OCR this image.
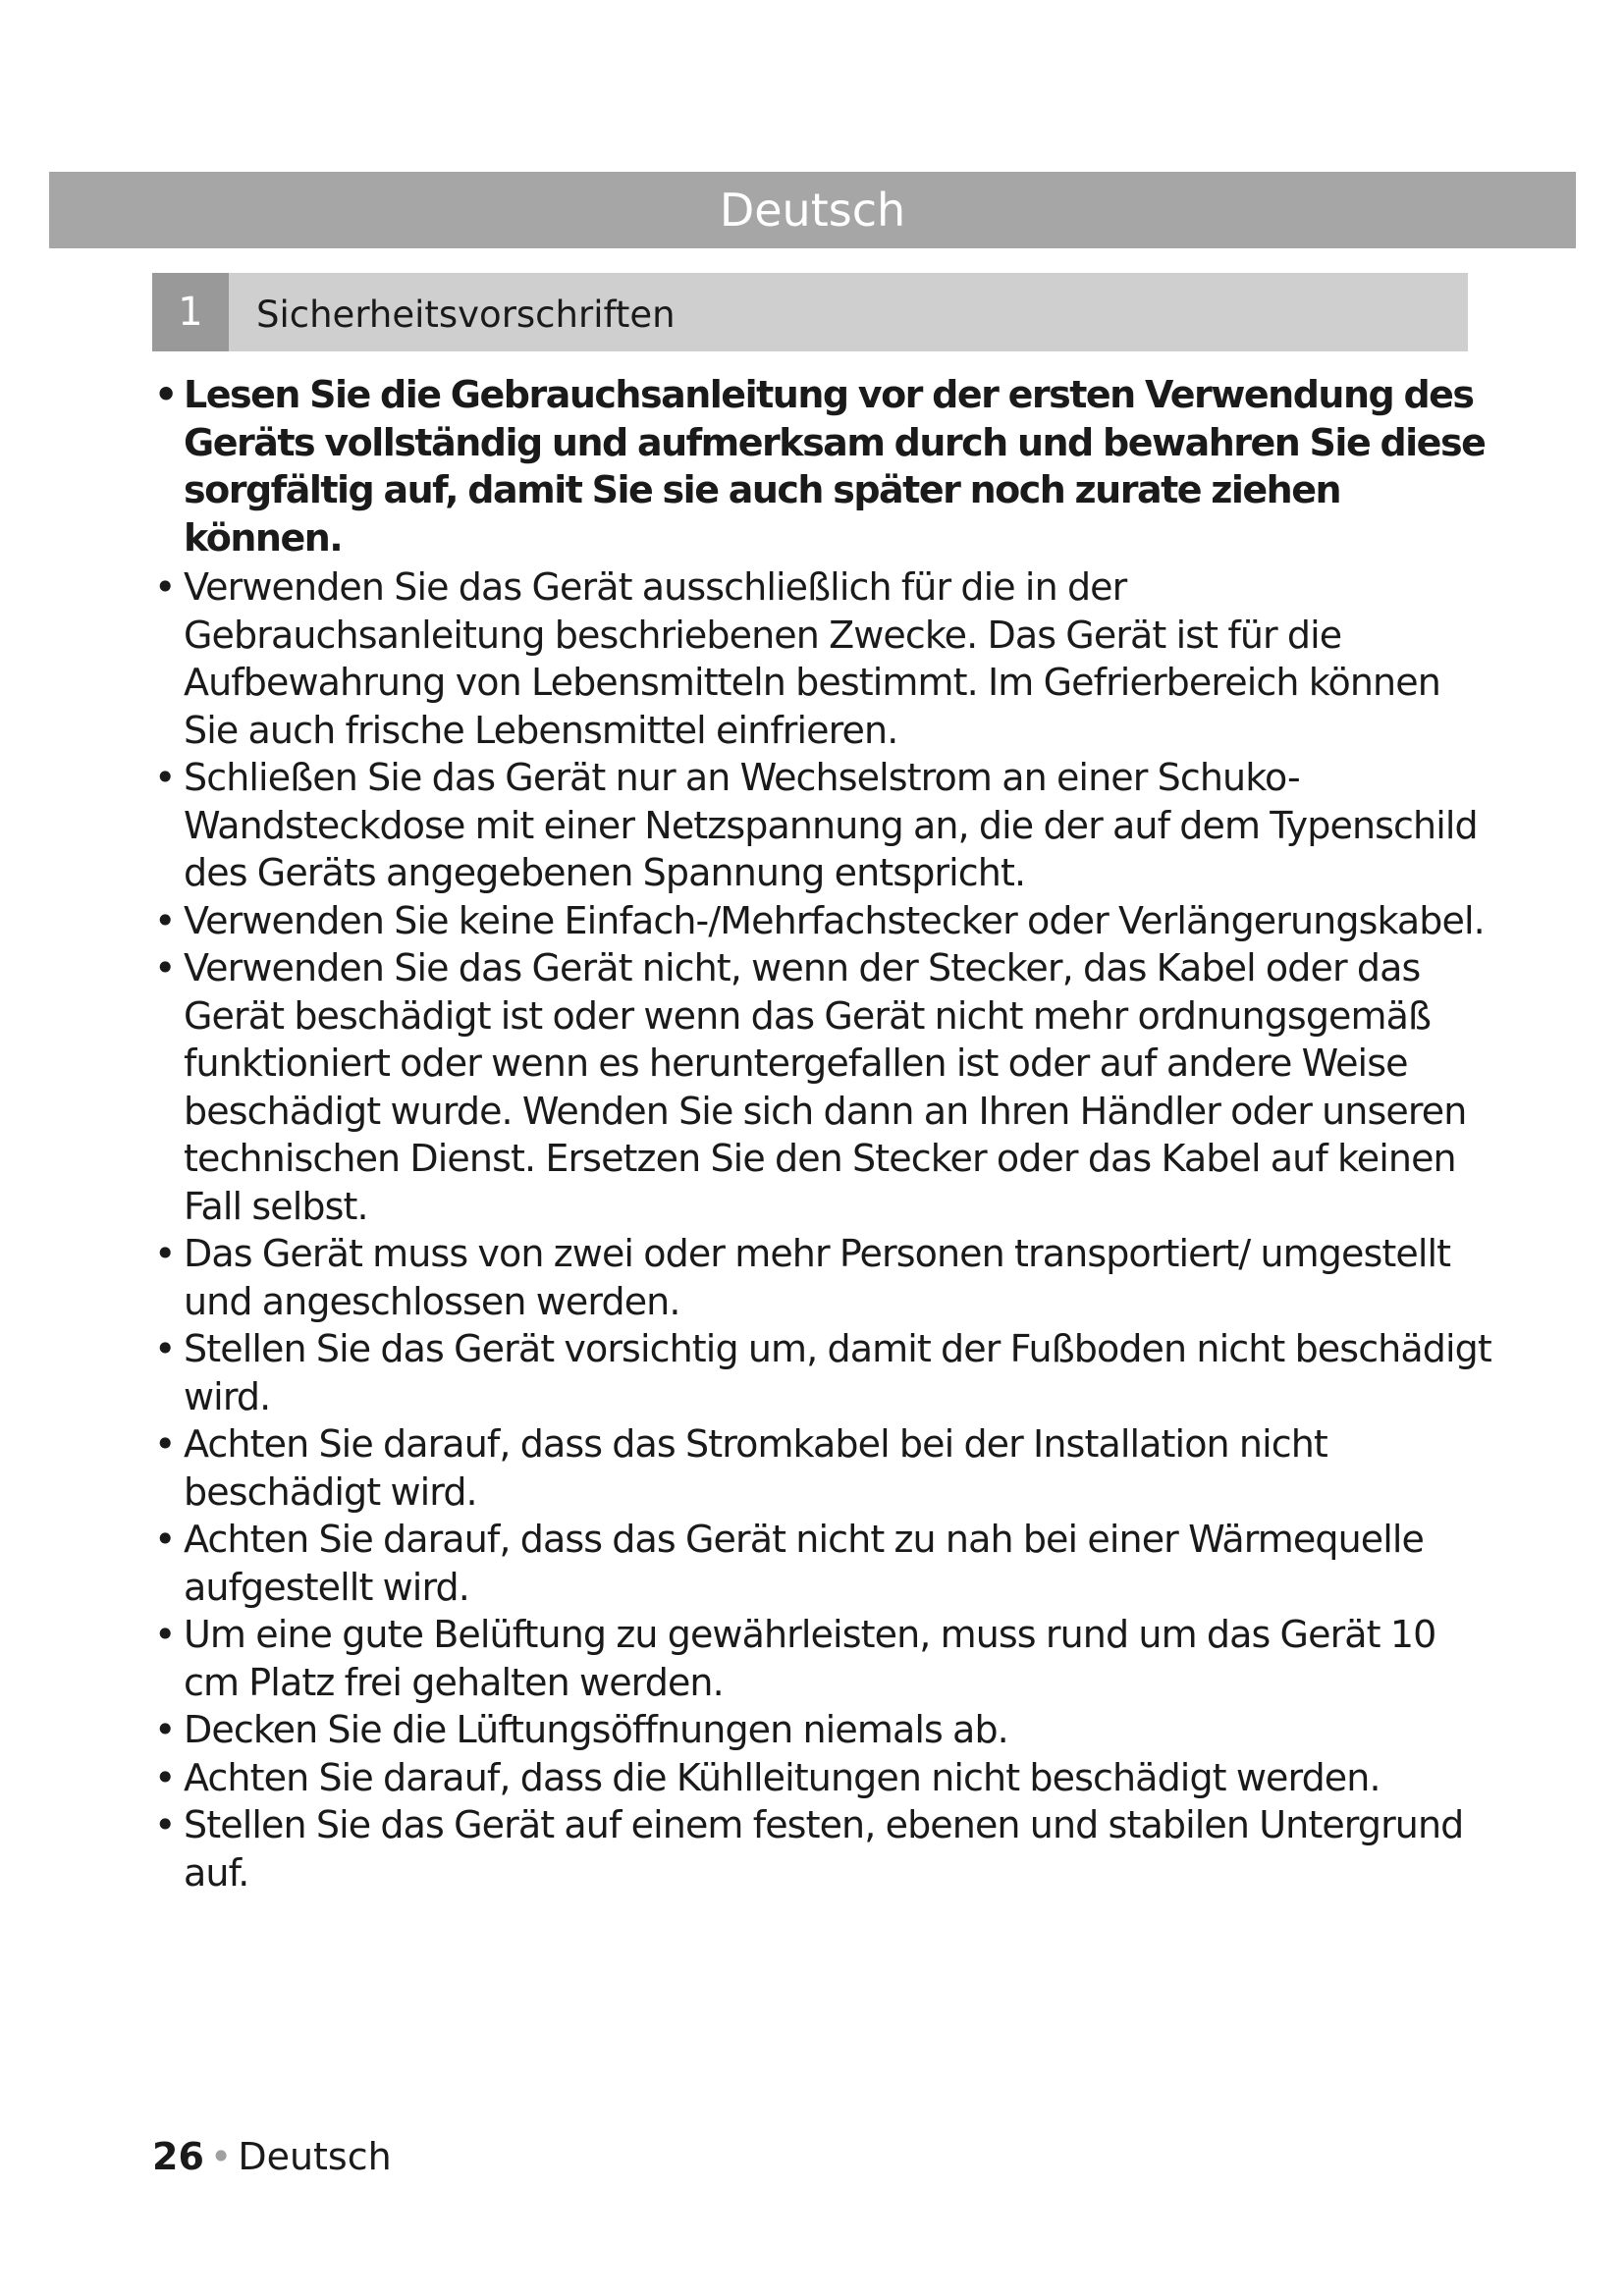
Deutsch
1	Sicherheitsvorschriften
• Lesen Sie die Gebrauchsanleitung vor der ersten Verwendung des Geräts vollständig und aufmerksam durch und bewahren Sie diese sorgfältig auf, damit Sie sie auch später noch zurate ziehen können.
• Verwenden Sie das Gerät ausschließlich für die in der Gebrauchsanleitung beschriebenen Zwecke. Das Gerät ist für die Aufbewahrung von Lebensmitteln bestimmt. Im Gefrierbereich können Sie auch frische Lebensmittel einfrieren.
• Schließen Sie das Gerät nur an Wechselstrom an einer Schuko-Wandsteckdose mit einer Netzspannung an, die der auf dem Typenschild des Geräts angegebenen Spannung entspricht.
• Verwenden Sie keine Einfach-/Mehrfachstecker oder Verlängerungskabel.
• Verwenden Sie das Gerät nicht, wenn der Stecker, das Kabel oder das Gerät beschädigt ist oder wenn das Gerät nicht mehr ordnungsgemäß funktioniert oder wenn es heruntergefallen ist oder auf andere Weise beschädigt wurde. Wenden Sie sich dann an Ihren Händler oder unseren technischen Dienst. Ersetzen Sie den Stecker oder das Kabel auf keinen Fall selbst.
• Das Gerät muss von zwei oder mehr Personen transportiert/ umgestellt und angeschlossen werden.
• Stellen Sie das Gerät vorsichtig um, damit der Fußboden nicht beschädigt wird.
• Achten Sie darauf, dass das Stromkabel bei der Installation nicht beschädigt wird.
• Achten Sie darauf, dass das Gerät nicht zu nah bei einer Wärmequelle aufgestellt wird.
• Um eine gute Belüftung zu gewährleisten, muss rund um das Gerät 10 cm Platz frei gehalten werden.
• Decken Sie die Lüftungsöffnungen niemals ab.
• Achten Sie darauf, dass die Kühlleitungen nicht beschädigt werden.
• Stellen Sie das Gerät auf einem festen, ebenen und stabilen Untergrund auf.
26 • Deutsch
